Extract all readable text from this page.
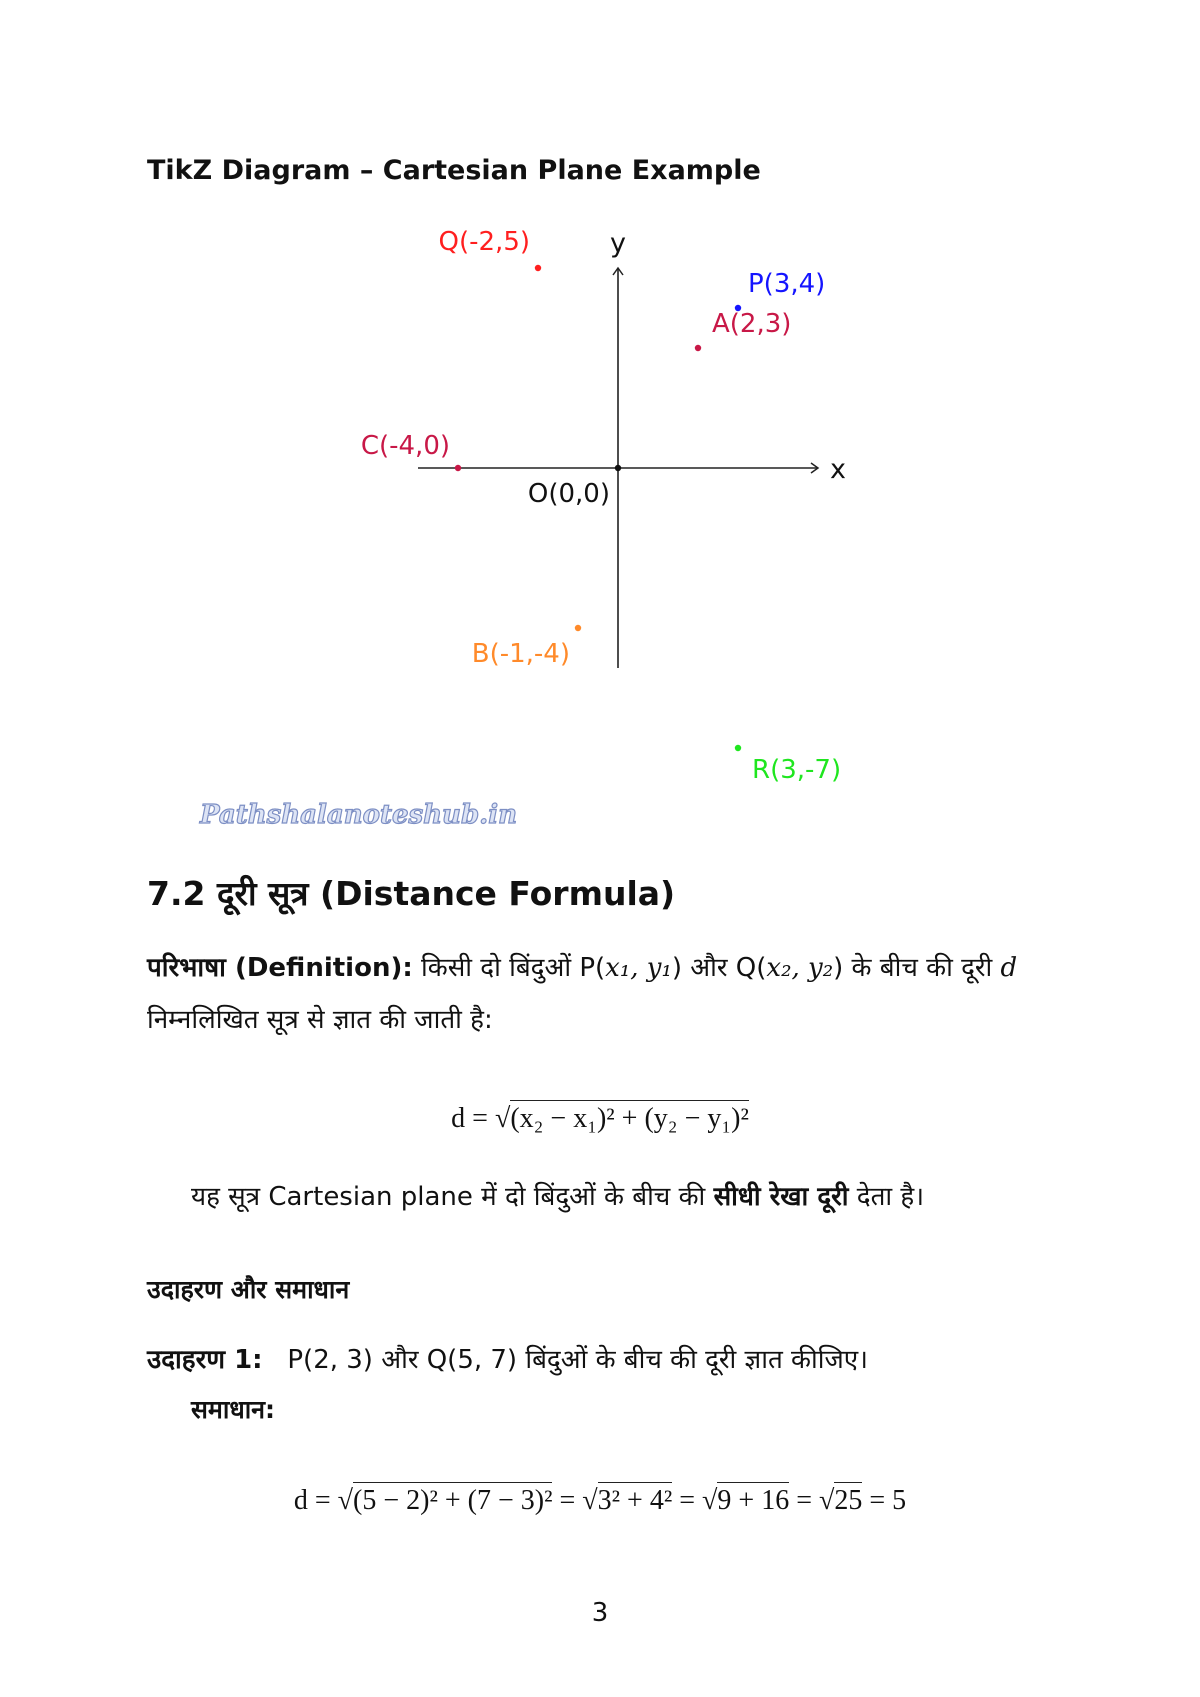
TikZ Diagram – Cartesian Plane Example
x
y
Q(-2,5)
P(3,4)
A(2,3)
C(-4,0)
O(0,0)
B(-1,-4)
R(3,-7)
Pathshalanoteshub.in
7.2 दूरी सूत्र (Distance Formula)
परिभाषा (Definition): किसी दो बिंदुओं P(x₁, y₁) और Q(x₂, y₂) के बीच की दूरी d
निम्नलिखित सूत्र से ज्ञात की जाती है:
d = √(x₂ − x₁)² + (y₂ − y₁)²
यह सूत्र Cartesian plane में दो बिंदुओं के बीच की सीधी रेखा दूरी देता है।
उदाहरण और समाधान
उदाहरण 1: P(2, 3) और Q(5, 7) बिंदुओं के बीच की दूरी ज्ञात कीजिए।
समाधान:
d = √(5 − 2)² + (7 − 3)² = √3² + 4² = √9 + 16 = √25 = 5
3
